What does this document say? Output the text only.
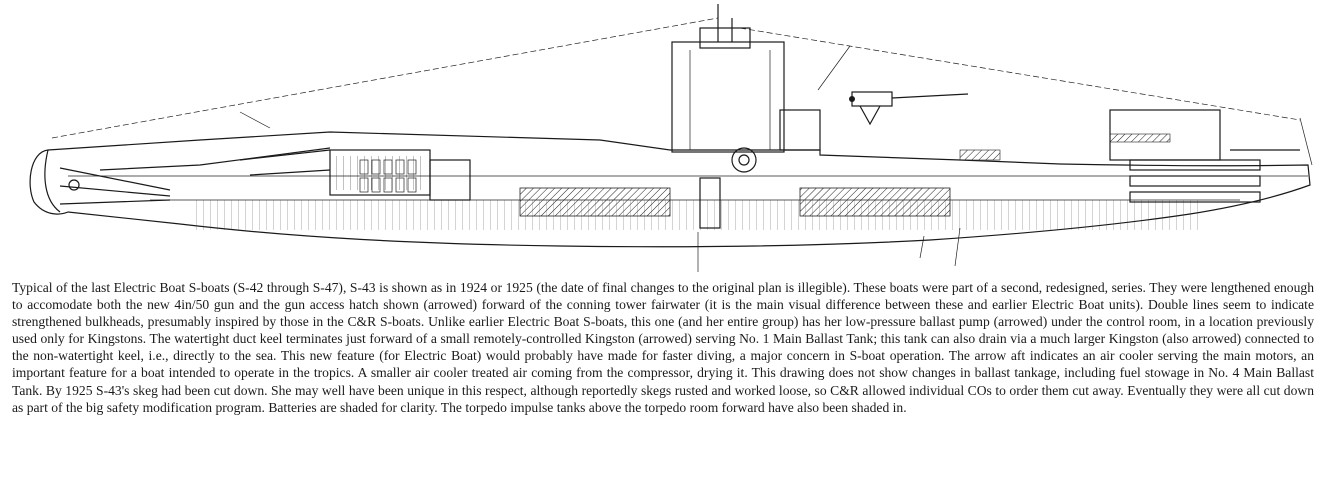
Typical of the last Electric Boat S-boats (S-42 through S-47), S-43 is shown as in 1924 or 1925 (the date of final changes to the original plan is illegible). These boats were part of a second, redesigned, series. They were lengthened enough to accomodate both the new 4in/50 gun and the gun access hatch shown (arrowed) forward of the conning tower fairwater (it is the main visual difference between these and earlier Electric Boat units). Double lines seem to indicate strengthened bulkheads, presumably inspired by those in the C&R S-boats. Unlike earlier Electric Boat S-boats, this one (and her entire group) has her low-pressure ballast pump (arrowed) under the control room, in a location previously used only for Kingstons. The watertight duct keel terminates just forward of a small remotely-controlled Kingston (arrowed) serving No. 1 Main Ballast Tank; this tank can also drain via a much larger Kingston (also arrowed) connected to the non-watertight keel, i.e., directly to the sea. This new feature (for Electric Boat) would probably have made for faster diving, a major concern in S-boat operation. The arrow aft indicates an air cooler serving the main motors, an important feature for a boat intended to operate in the tropics. A smaller air cooler treated air coming from the compressor, drying it. This drawing does not show changes in ballast tankage, including fuel stowage in No. 4 Main Ballast Tank. By 1925 S-43's skeg had been cut down. She may well have been unique in this respect, although reportedly skegs rusted and worked loose, so C&R allowed individual COs to order them cut away. Eventually they were all cut down as part of the big safety modification program. Batteries are shaded for clarity. The torpedo impulse tanks above the torpedo room forward have also been shaded in.
